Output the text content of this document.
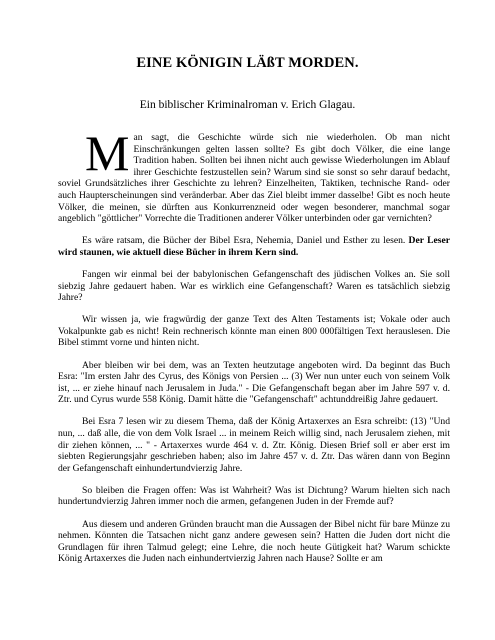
EINE KÖNIGIN LÄßT MORDEN.
Ein biblischer Kriminalroman v. Erich Glagau.

Man sagt, die Geschichte würde sich nie wiederholen. Ob man nicht Einschränkungen gelten lassen sollte? Es gibt doch Völker, die eine lange Tradition haben. Sollten bei ihnen nicht auch gewisse Wiederholungen im Ablauf ihrer Geschichte festzustellen sein? Warum sind sie sonst so sehr darauf bedacht, soviel Grundsätzliches ihrer Geschichte zu lehren? Einzelheiten, Taktiken, technische Rand- oder auch Haupterscheinungen sind veränderbar. Aber das Ziel bleibt immer dasselbe! Gibt es noch heute Völker, die meinen, sie dürften aus Konkurrenzneid oder wegen besonderer, manchmal sogar angeblich "göttlicher" Vorrechte die Traditionen anderer Völker unterbinden oder gar vernichten?

Es wäre ratsam, die Bücher der Bibel Esra, Nehemia, Daniel und Esther zu lesen. Der Leser wird staunen, wie aktuell diese Bücher in ihrem Kern sind.

Fangen wir einmal bei der babylonischen Gefangenschaft des jüdischen Volkes an. Sie soll siebzig Jahre gedauert haben. War es wirklich eine Gefangenschaft? Waren es tatsächlich siebzig Jahre?

Wir wissen ja, wie fragwürdig der ganze Text des Alten Testaments ist; Vokale oder auch Vokalpunkte gab es nicht! Rein rechnerisch könnte man einen 800 000fältigen Text herauslesen. Die Bibel stimmt vorne und hinten nicht.

Aber bleiben wir bei dem, was an Texten heutzutage angeboten wird. Da beginnt das Buch Esra: "Im ersten Jahr des Cyrus, des Königs von Persien ... (3) Wer nun unter euch von seinem Volk ist, ... er ziehe hinauf nach Jerusalem in Juda." - Die Gefangenschaft began aber im Jahre 597 v. d. Ztr. und Cyrus wurde 558 König. Damit hätte die "Gefangenschaft" achtunddreißig Jahre gedauert.

Bei Esra 7 lesen wir zu diesem Thema, daß der König Artaxerxes an Esra schreibt: (13) "Und nun, ... daß alle, die von dem Volk Israel ... in meinem Reich willig sind, nach Jerusalem ziehen, mit dir ziehen können, ... " - Artaxerxes wurde 464 v. d. Ztr. König. Diesen Brief soll er aber erst im siebten Regierungsjahr geschrieben haben; also im Jahre 457 v. d. Ztr. Das wären dann von Beginn der Gefangenschaft einhundertundvierzig Jahre.

So bleiben die Fragen offen: Was ist Wahrheit? Was ist Dichtung? Warum hielten sich nach hundertundvierzig Jahren immer noch die armen, gefangenen Juden in der Fremde auf?

Aus diesem und anderen Gründen braucht man die Aussagen der Bibel nicht für bare Münze zu nehmen. Könnten die Tatsachen nicht ganz andere gewesen sein? Hatten die Juden dort nicht die Grundlagen für ihren Talmud gelegt; eine Lehre, die noch heute Gütigkeit hat? Warum schickte König Artaxerxes die Juden nach einhundertvierzig Jahren nach Hause? Sollte er am
